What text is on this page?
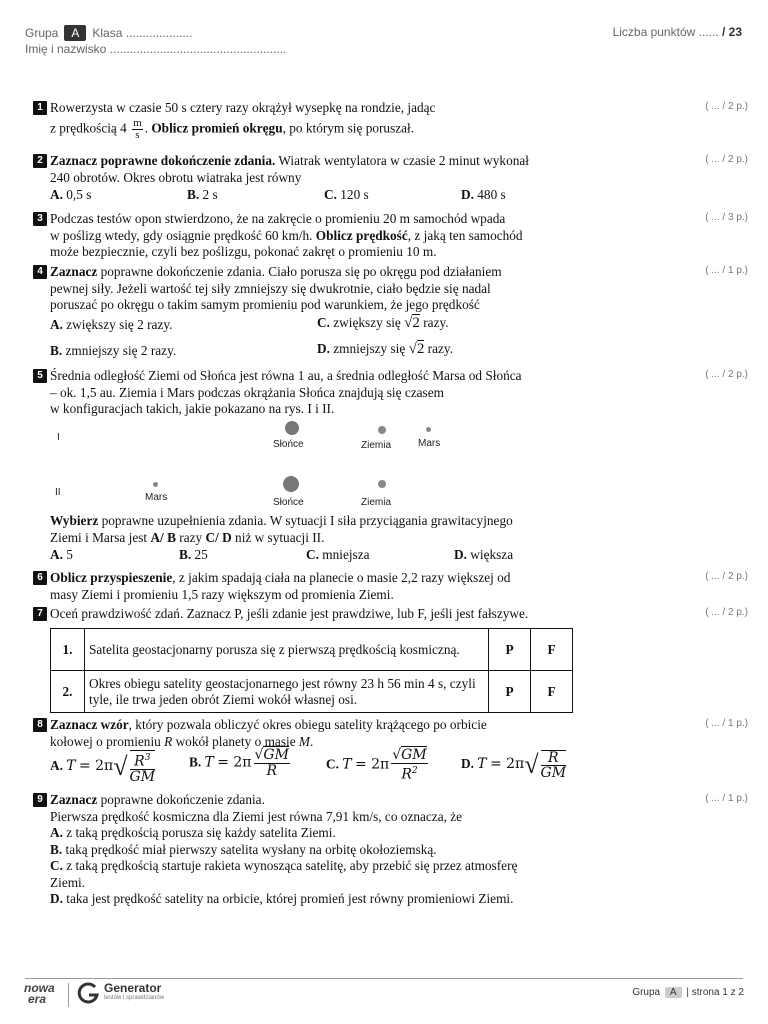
Grupa A Klasa ....................
Imię i nazwisko .....................................................
Liczba punktów ...... / 23
1 Rowerzysta w czasie 50 s cztery razy okrążył wysepkę na rondzie, jadąc
z prędkością $4 \frac{m}{s}$ . Oblicz promień okręgu, po którym się poruszał.
( ... / 2 p.)
2 Zaznacz poprawne dokończenie zdania. Wiatrak wentylatora w czasie 2 minut wykonał
240 obrotów. Okres obrotu wiatraka jest równy
A. 0,5 s	B. 2 s	C. 120 s	D. 480 s
( ... / 2 p.)
3 Podczas testów opon stwierdzono, że na zakręcie o promieniu 20 m samochód wpada
w poślizg wtedy, gdy osiągnie prędkość 60 km/h. Oblicz prędkość, z jaką ten samochód
może bezpiecznie, czyli bez poślizgu, pokonać zakręt o promieniu 10 m.
( ... / 3 p.)
4 Zaznacz poprawne dokończenie zdania. Ciało porusza się po okręgu pod działaniem
pewnej siły. Jeżeli wartość tej siły zmniejszy się dwukrotnie, ciało będzie się nadal
poruszać po okręgu o takim samym promieniu pod warunkiem, że jego prędkość
( ... / 1 p.)
A. zwiększy się 2 razy.	C. zwiększy się √2 razy.
B. zmniejszy się 2 razy.	D. zmniejszy się √2 razy.
5 Średnia odległość Ziemi od Słońca jest równa 1 au, a średnia odległość Marsa od Słońca
– ok. 1,5 au. Ziemia i Mars podczas okrążania Słońca znajdują się czasem
w konfiguracjach takich, jakie pokazano na rys. I i II.
( ... / 2 p.)
I
Słońce	Ziemia	Mars
II	Mars	Słońce	Ziemia
Wybierz poprawne uzupełnienia zdania. W sytuacji I siła przyciągania grawitacyjnego
Ziemi i Marsa jest A/ B razy C/ D niż w sytuacji II.
A. 5	B. 25	C. mniejsza	D. większa
6 Oblicz przyspieszenie, z jakim spadają ciała na planecie o masie 2,2 razy większej od
masy Ziemi i promieniu 1,5 razy większym od promienia Ziemi.
( ... / 2 p.)
7 Oceń prawdziwość zdań. Zaznacz P, jeśli zdanie jest prawdziwe, lub F, jeśli jest fałszywe.	( ... / 2 p.)
1.	Satelita geostacjonarny porusza się z pierwszą prędkością kosmiczną.	P	F
2.	Okres obiegu satelity geostacjonarnego jest równy 23 h 56 min 4 s, czyli tyle, ile trwa jeden obrót Ziemi wokół własnej osi.	P	F
8 Zaznacz wzór, który pozwala obliczyć okres obiegu satelity krążącego po orbicie
kołowej o promieniu R wokół planety o masie M.
( ... / 1 p.)
A. $T = 2\pi√ \frac{R^3}{GM}$	B. $T = 2\pi \frac{√GM}{R}$	C. $T = 2\pi \frac{√GM}{R^2}$	D. $T = 2\pi√ \frac{R}{GM}$
9 Zaznacz poprawne dokończenie zdania.
Pierwsza prędkość kosmiczna dla Ziemi jest równa 7,91 km/s, co oznacza, że
A. z taką prędkością porusza się każdy satelita Ziemi.
B. taką prędkość miał pierwszy satelita wysłany na orbitę okołoziemską.
C. z taką prędkością startuje rakieta wynosząca satelitę, aby przebić się przez atmosferę
Ziemi.
D. taka jest prędkość satelity na orbicie, której promień jest równy promieniowi Ziemi.
( ... / 1 p.)
nowa
era
Generator
testów i sprawdzianów	Grupa A | strona 1 z 2
